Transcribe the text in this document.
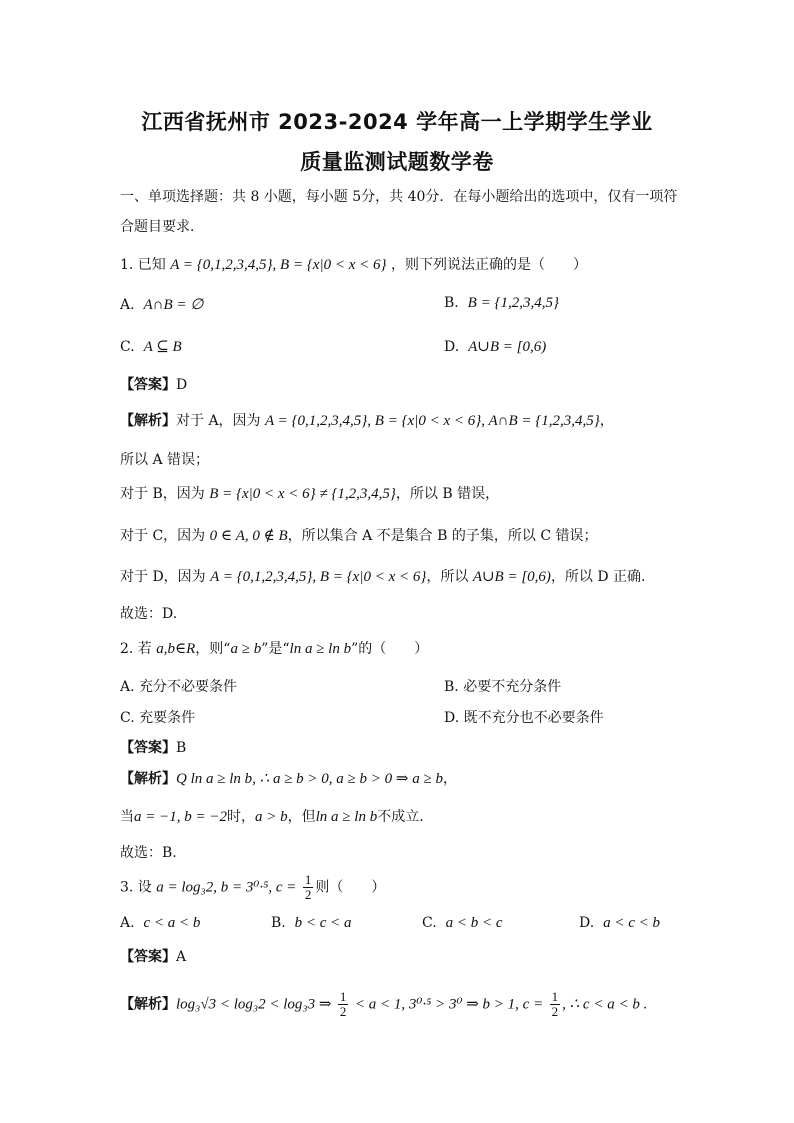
江西省抚州市 2023-2024 学年高一上学期学生学业
质量监测试题数学卷
一、单项选择题：共 8 小题，每小题 5分，共 40分．在每小题给出的选项中，仅有一项符
合题目要求．
1. 已知 A = {0,1,2,3,4,5}, B = {x|0 < x < 6} ，则下列说法正确的是（　　）
A. A∩B = ∅	B. B = {1,2,3,4,5}
C. A ⊆ B	D. A∪B = [0,6)
【答案】D
【解析】对于 A，因为 A = {0,1,2,3,4,5}, B = {x|0 < x < 6}, A∩B = {1,2,3,4,5}，
所以 A 错误；
对于 B，因为 B = {x|0 < x < 6} ≠ {1,2,3,4,5}，所以 B 错误，
对于 C，因为 0 ∈ A, 0 ∉ B，所以集合 A 不是集合 B 的子集，所以 C 错误；
对于 D，因为 A = {0,1,2,3,4,5}, B = {x|0 < x < 6}，所以 A∪B = [0,6)，所以 D 正确.
故选：D.
2. 若 a,b∈R，则“a ≥ b”是“ln a ≥ ln b”的（　　）
A. 充分不必要条件	B. 必要不充分条件
C. 充要条件	D. 既不充分也不必要条件
【答案】B
【解析】Q ln a ≥ ln b, ∴ a ≥ b > 0, a ≥ b > 0 ⇒ a ≥ b，
当a = −1, b = −2时，a > b，但ln a ≥ ln b不成立.
故选：B.
3. 设 a = log₃2, b = 3⁰·⁵, $c = \frac{1}{2}$ 则（　　）
A. c < a < b	B. b < c < a	C. a < b < c	D. a < c < b
【答案】A
【解析】log₃√3 < log₃2 < log₃3 ⇒ $\frac{1}{2} < a < 1$, 3⁰·⁵ > 3⁰ ⇒ b > 1, $c = \frac{1}{2}$ , ∴ c < a < b .
